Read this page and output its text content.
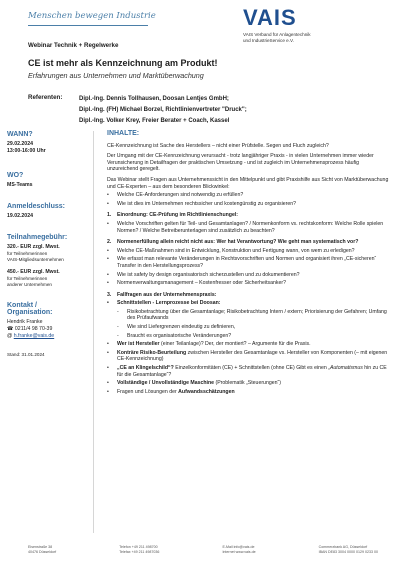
Menschen bewegen Industrie	VAIS
VAIS Verband für Anlagentechnik
und IndustrieService e.V.
Webinar Technik + Regelwerke
CE ist mehr als Kennzeichnung am Produkt!
Erfahrungen aus Unternehmen und Marktüberwachung
Referenten:	Dipl.-Ing. Dennis Tollhausen, Doosan Lentjes GmbH;
Dipl.-Ing. (FH) Michael Borzel, Richtlinienvertreter "Druck";
Dipl.-Ing. Volker Krey, Freier Berater + Coach, Kassel
WANN?
29.02.2024
13:00-16:00 Uhr
WO?
MS-Teams
Anmeldeschluss:
19.02.2024
Teilnahmegebühr:
320.- EUR zzgl. Mwst.
für Teilnehmerinnen
VAIS-Mitgliedsunternehmen
450.- EUR zzgl. Mwst.
für Teilnehmerinnen
anderer Unternehmen
Kontakt /
Organisation:
Hendrik Franke
☎ 0211/4 98 70-39
@ h.franke@vais.de
Stand: 31.01.2024
INHALTE:
CE-Kennzeichnung ist Sache des Herstellers – nicht einer Prüfstelle. Segen und Fluch zugleich?
Der Umgang mit der CE-Kennzeichnung verursacht - trotz langjähriger Praxis - in vielen Unternehmen immer wieder Verunsicherung in Detailfragen der praktischen Umsetzung - und ist zugleich im Unternehmensprozess häufig unzureichend geregelt.
Das Webinar stellt Fragen aus Unternehmenssicht in den Mittelpunkt und gibt Praxishilfe aus Sicht von Marktüberwachung und CE-Experten – aus dem besonderen Blickwinkel:
• Welche CE-Anforderungen sind notwendig zu erfüllen?
• Wie ist dies im Unternehmen rechtssicher und kostengünstig zu organisieren?
1. Einordnung: CE-Prüfung im Richtlinienschungel:
• Welche Vorschriften gelten für Teil- und Gesamtanlagen? / Normenkonform vs. rechtskonform: Welche Rolle spielen Normen? / Welche Betreiberunterlagen sind zusätzlich zu beachten?
2. Normenerfüllung allein reicht nicht aus: Wer hat Verantwortung? Wie geht man systematisch vor?
• Welche CE-Maßnahmen sind in Entwicklung, Konstruktion und Fertigung wann, von wem zu erledigen?
• Wie erfasst man relevante Veränderungen in Rechtsvorschriften und Normen und organisiert ihren „CE-sicheren“ Transfer in den Herstellungsprozess?
• Wie ist safety by design organisatorisch sicherzustellen und zu dokumentieren?
• Normenverwaltungsmanagement – Kostenfresser oder Sicherheitsanker?
3. Fallfragen aus der Unternehmenspraxis:
• Schnittstellen - Lernprozesse bei Doosan:
- Risikobetrachtung über die Gesamtanlage; Risikobetrachtung Intern / extern; Priorisierung der Gefahren; Umfang des Prüfaufwands
- Wie sind Liefergrenzen eindeutig zu definieren,
- Braucht es organisatorische Veränderungen?
• Wer ist Hersteller (einer Teilanlage)? Der, der montiert? – Argumente für die Praxis.
• Konträre Risiko-Beurteilung zwischen Hersteller des Gesamtanlage vs. Hersteller von Komponenten (– mit eigenen CE-Kennzeichnung)
• „CE an Klingelschild“? Einzelkonformitäten (CE) + Schnittstellen (ohne CE) Gibt es einen „Automatismus hin zu CE für die Gesamtanlage“?
• Vollständige / Unvollständige Maschine (Problematik „Steuerungen“)
• Fragen und Lösungen der Aufwandsschätzungen
Eisenstraße 38
40476 Düsseldorf
Telefon +49 211 498700
Telefax +49 211 4987036
E-Mail info@vais.de
Internet www.vais.de
Commerzbank AG, Düsseldorf
IBAN DE83 3004 0000 0129 0233 00
